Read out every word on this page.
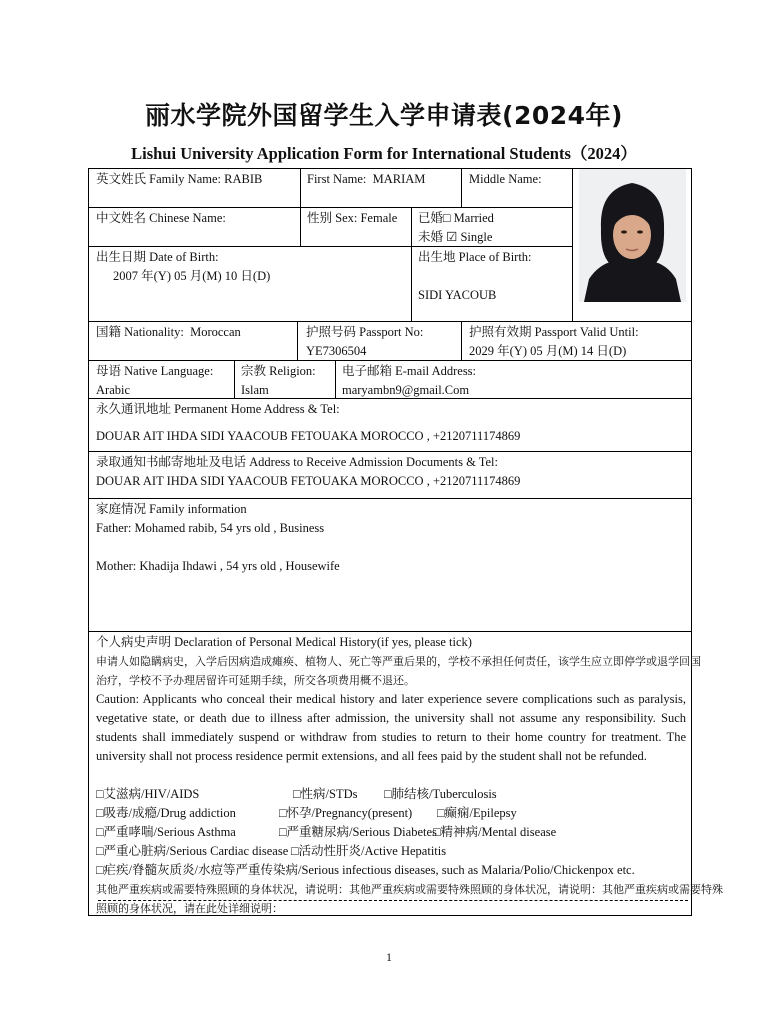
丽水学院外国留学生入学申请表(2024年)
Lishui University Application Form for International Students（2024）
英文姓氏 Family Name: RABIB	First Name: MARIAM	Middle Name:
中文姓名 Chinese Name:	性别 Sex: Female 已婚□ Married
未婚 ☑ Single
出生日期 Date of Birth:
2007 年(Y) 05 月(M) 10 日(D)
出生地 Place of Birth:
SIDI YACOUB
国籍 Nationality: Moroccan	护照号码 Passport No:
YE7306504
护照有效期 Passport Valid Until:
2029 年(Y) 05 月(M) 14 日(D)
母语 Native Language:
Arabic
宗教 Religion:
Islam
电子邮箱 E-mail Address:
maryambn9@gmail.Com
永久通讯地址 Permanent Home Address & Tel:
DOUAR AIT IHDA SIDI YAACOUB FETOUAKA MOROCCO , +2120711174869
录取通知书邮寄地址及电话 Address to Receive Admission Documents & Tel:
DOUAR AIT IHDA SIDI YAACOUB FETOUAKA MOROCCO , +2120711174869
家庭情况 Family information
Father: Mohamed rabib, 54 yrs old , Business
Mother: Khadija Ihdawi , 54 yrs old , Housewife
个人病史声明 Declaration of Personal Medical History(if yes, please tick)
申请人如隐瞒病史，入学后因病造成瘫痪、植物人、死亡等严重后果的，学校不承担任何责任，该学生应立即停学或退学回国
治疗，学校不予办理居留许可延期手续，所交各项费用概不退还。
Caution: Applicants who conceal their medical history and later experience severe complications such as paralysis, vegetative state, or death due to illness after admission, the university shall not assume any responsibility. Such students shall immediately suspend or withdraw from studies to return to their home country for treatment. The university shall not process residence permit extensions, and all fees paid by the student shall not be refunded.
□艾滋病/HIV/AIDS	□性病/STDs □肺结核/Tuberculosis
□吸毒/成瘾/Drug addiction	□怀孕/Pregnancy(present) □癫痫/Epilepsy
□严重哮喘/Serious Asthma	□严重糖尿病/Serious Diabetes
□精神病/Mental disease
□严重心脏病/Serious Cardiac disease □活动性肝炎/Active Hepatitis
□疟疾/脊髓灰质炎/水痘等严重传染病/Serious infectious diseases, such as Malaria/Polio/Chickenpox etc.
其他严重疾病或需要特殊照顾的身体状况，请说明：其他严重疾病或需要特殊照顾的身体状况，请说明：其他严重疾病或需要特殊
照顾的身体状况，请在此处详细说明：
1
